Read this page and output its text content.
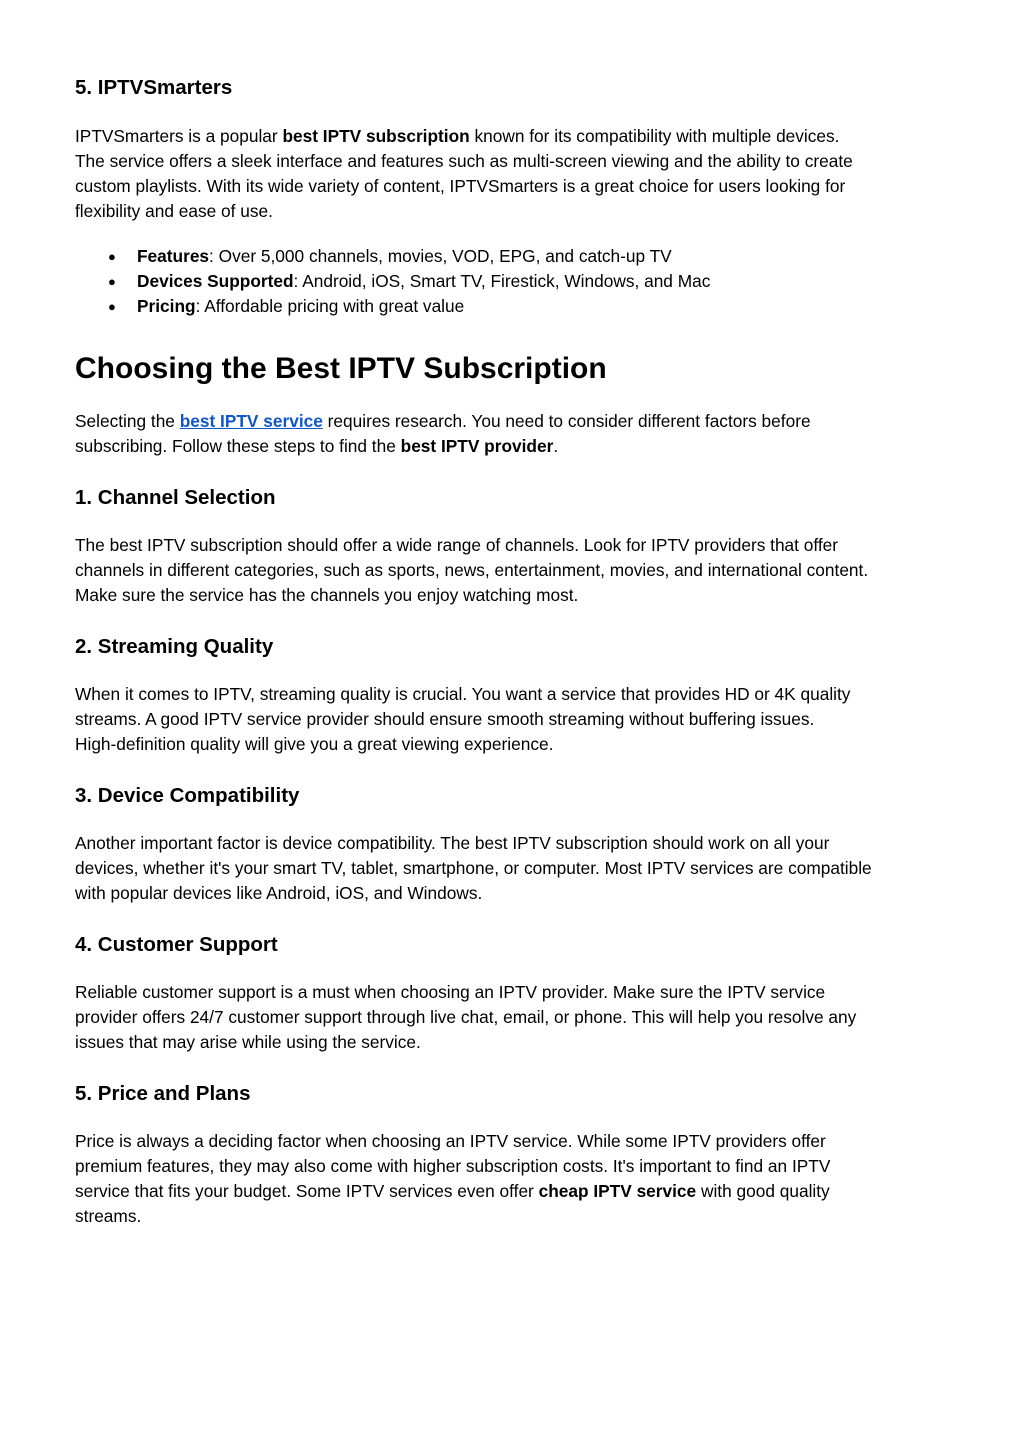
5. IPTVSmarters

IPTVSmarters is a popular best IPTV subscription known for its compatibility with multiple devices.
The service offers a sleek interface and features such as multi-screen viewing and the ability to create
custom playlists. With its wide variety of content, IPTVSmarters is a great choice for users looking for
flexibility and ease of use.

● Features: Over 5,000 channels, movies, VOD, EPG, and catch-up TV
● Devices Supported: Android, iOS, Smart TV, Firestick, Windows, and Mac
● Pricing: Affordable pricing with great value
Choosing the Best IPTV Subscription

Selecting the best IPTV service requires research. You need to consider different factors before
subscribing. Follow these steps to find the best IPTV provider.

1. Channel Selection

The best IPTV subscription should offer a wide range of channels. Look for IPTV providers that offer
channels in different categories, such as sports, news, entertainment, movies, and international content.
Make sure the service has the channels you enjoy watching most.

2. Streaming Quality

When it comes to IPTV, streaming quality is crucial. You want a service that provides HD or 4K quality
streams. A good IPTV service provider should ensure smooth streaming without buffering issues.
High-definition quality will give you a great viewing experience.

3. Device Compatibility

Another important factor is device compatibility. The best IPTV subscription should work on all your
devices, whether it's your smart TV, tablet, smartphone, or computer. Most IPTV services are compatible
with popular devices like Android, iOS, and Windows.

4. Customer Support

Reliable customer support is a must when choosing an IPTV provider. Make sure the IPTV service
provider offers 24/7 customer support through live chat, email, or phone. This will help you resolve any
issues that may arise while using the service.

5. Price and Plans

Price is always a deciding factor when choosing an IPTV service. While some IPTV providers offer
premium features, they may also come with higher subscription costs. It's important to find an IPTV
service that fits your budget. Some IPTV services even offer cheap IPTV service with good quality
streams.
